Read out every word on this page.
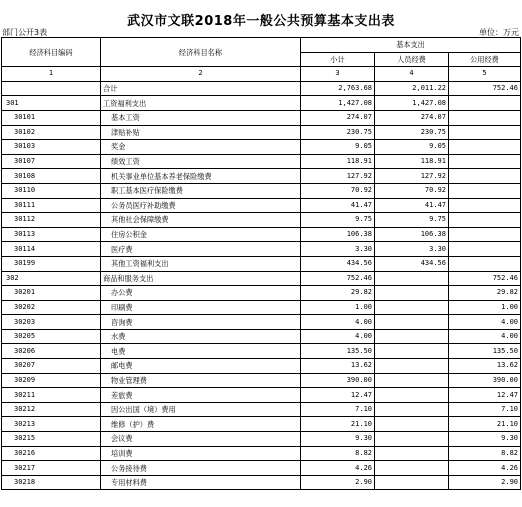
武汉市文联2018年一般公共预算基本支出表
部门公开3表	单位：万元
经济科目编码	经济科目名称	基本支出		
		小计	人员经费	公用经费
1	2	3	4	5
	合计	2,763.68	2,011.22	752.46
301	工资福利支出	1,427.08	1,427.08	
30101	基本工资	274.07	274.07	
30102	津贴补贴	230.75	230.75	
30103	奖金	9.05	9.05	
30107	绩效工资	118.91	118.91	
30108	机关事业单位基本养老保险缴费	127.92	127.92	
30110	职工基本医疗保险缴费	70.92	70.92	
30111	公务员医疗补助缴费	41.47	41.47	
30112	其他社会保障缴费	9.75	9.75	
30113	住房公积金	106.38	106.38	
30114	医疗费	3.30	3.30	
30199	其他工资福利支出	434.56	434.56	
302	商品和服务支出	752.46		752.46
30201	办公费	29.82		29.82
30202	印刷费	1.00		1.00
30203	咨询费	4.00		4.00
30205	水费	4.00		4.00
30206	电费	135.50		135.50
30207	邮电费	13.62		13.62
30209	物业管理费	390.00		390.00
30211	差旅费	12.47		12.47
30212	因公出国（境）费用	7.10		7.10
30213	维修（护）费	21.10		21.10
30215	会议费	9.30		9.30
30216	培训费	8.82		8.82
30217	公务接待费	4.26		4.26
30218	专用材料费	2.90		2.90
